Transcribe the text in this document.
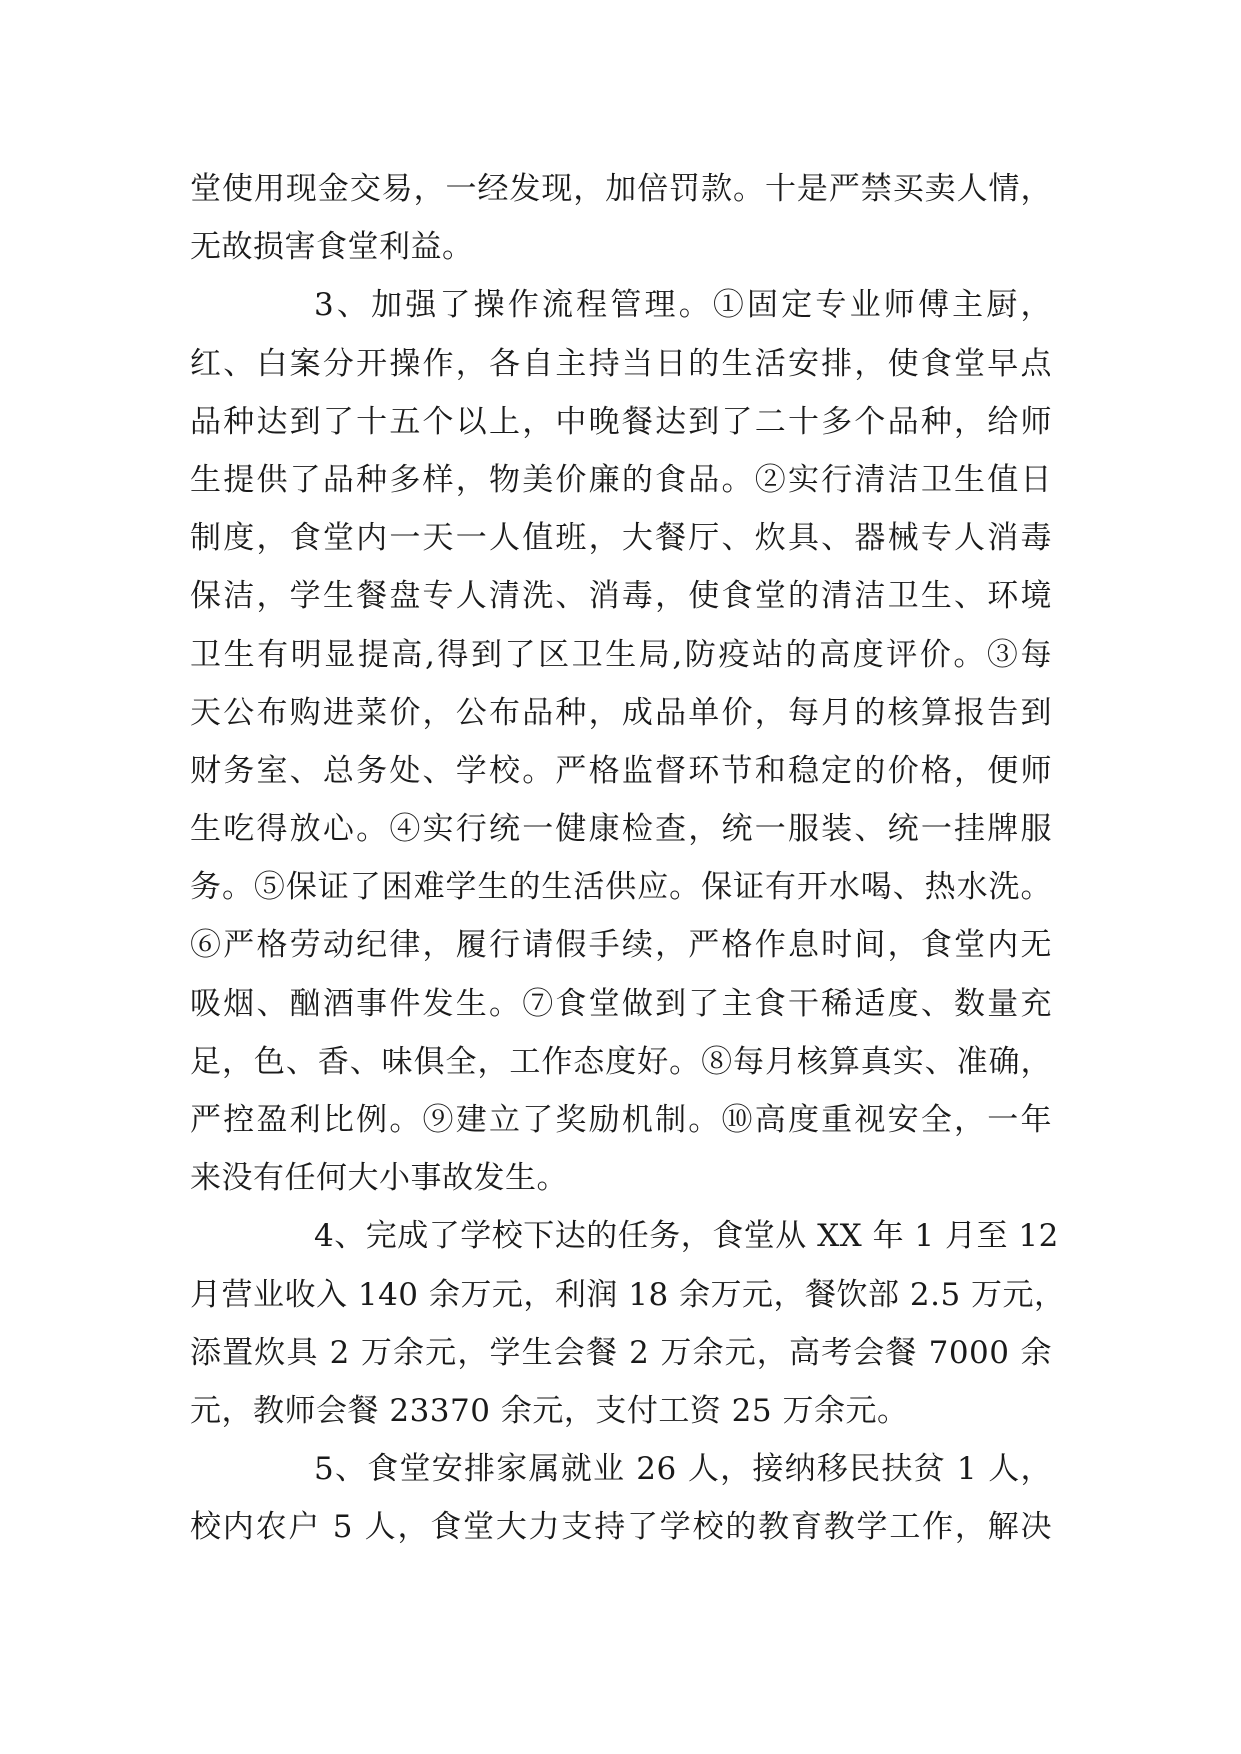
堂使用现金交易，一经发现，加倍罚款。十是严禁买卖人情，
无故损害食堂利益。
3、加强了操作流程管理。①固定专业师傅主厨，
红、白案分开操作，各自主持当日的生活安排，使食堂早点
品种达到了十五个以上，中晚餐达到了二十多个品种，给师
生提供了品种多样，物美价廉的食品。②实行清洁卫生值日
制度，食堂内一天一人值班，大餐厅、炊具、器械专人消毒
保洁，学生餐盘专人清洗、消毒，使食堂的清洁卫生、环境
卫生有明显提高,得到了区卫生局,防疫站的高度评价。③每
天公布购进菜价，公布品种，成品单价，每月的核算报告到
财务室、总务处、学校。严格监督环节和稳定的价格，便师
生吃得放心。④实行统一健康检查，统一服装、统一挂牌服
务。⑤保证了困难学生的生活供应。保证有开水喝、热水洗。
⑥严格劳动纪律，履行请假手续，严格作息时间，食堂内无
吸烟、酗酒事件发生。⑦食堂做到了主食干稀适度、数量充
足，色、香、味俱全，工作态度好。⑧每月核算真实、准确，
严控盈利比例。⑨建立了奖励机制。⑩高度重视安全，一年
来没有任何大小事故发生。
4、完成了学校下达的任务，食堂从 XX 年 1 月至 12
月营业收入 140 余万元，利润 18 余万元，餐饮部 2.5 万元，
添置炊具 2 万余元，学生会餐 2 万余元，高考会餐 7000 余
元，教师会餐 23370 余元，支付工资 25 万余元。
5、食堂安排家属就业 26 人，接纳移民扶贫 1 人，
校内农户 5 人，食堂大力支持了学校的教育教学工作，解决
